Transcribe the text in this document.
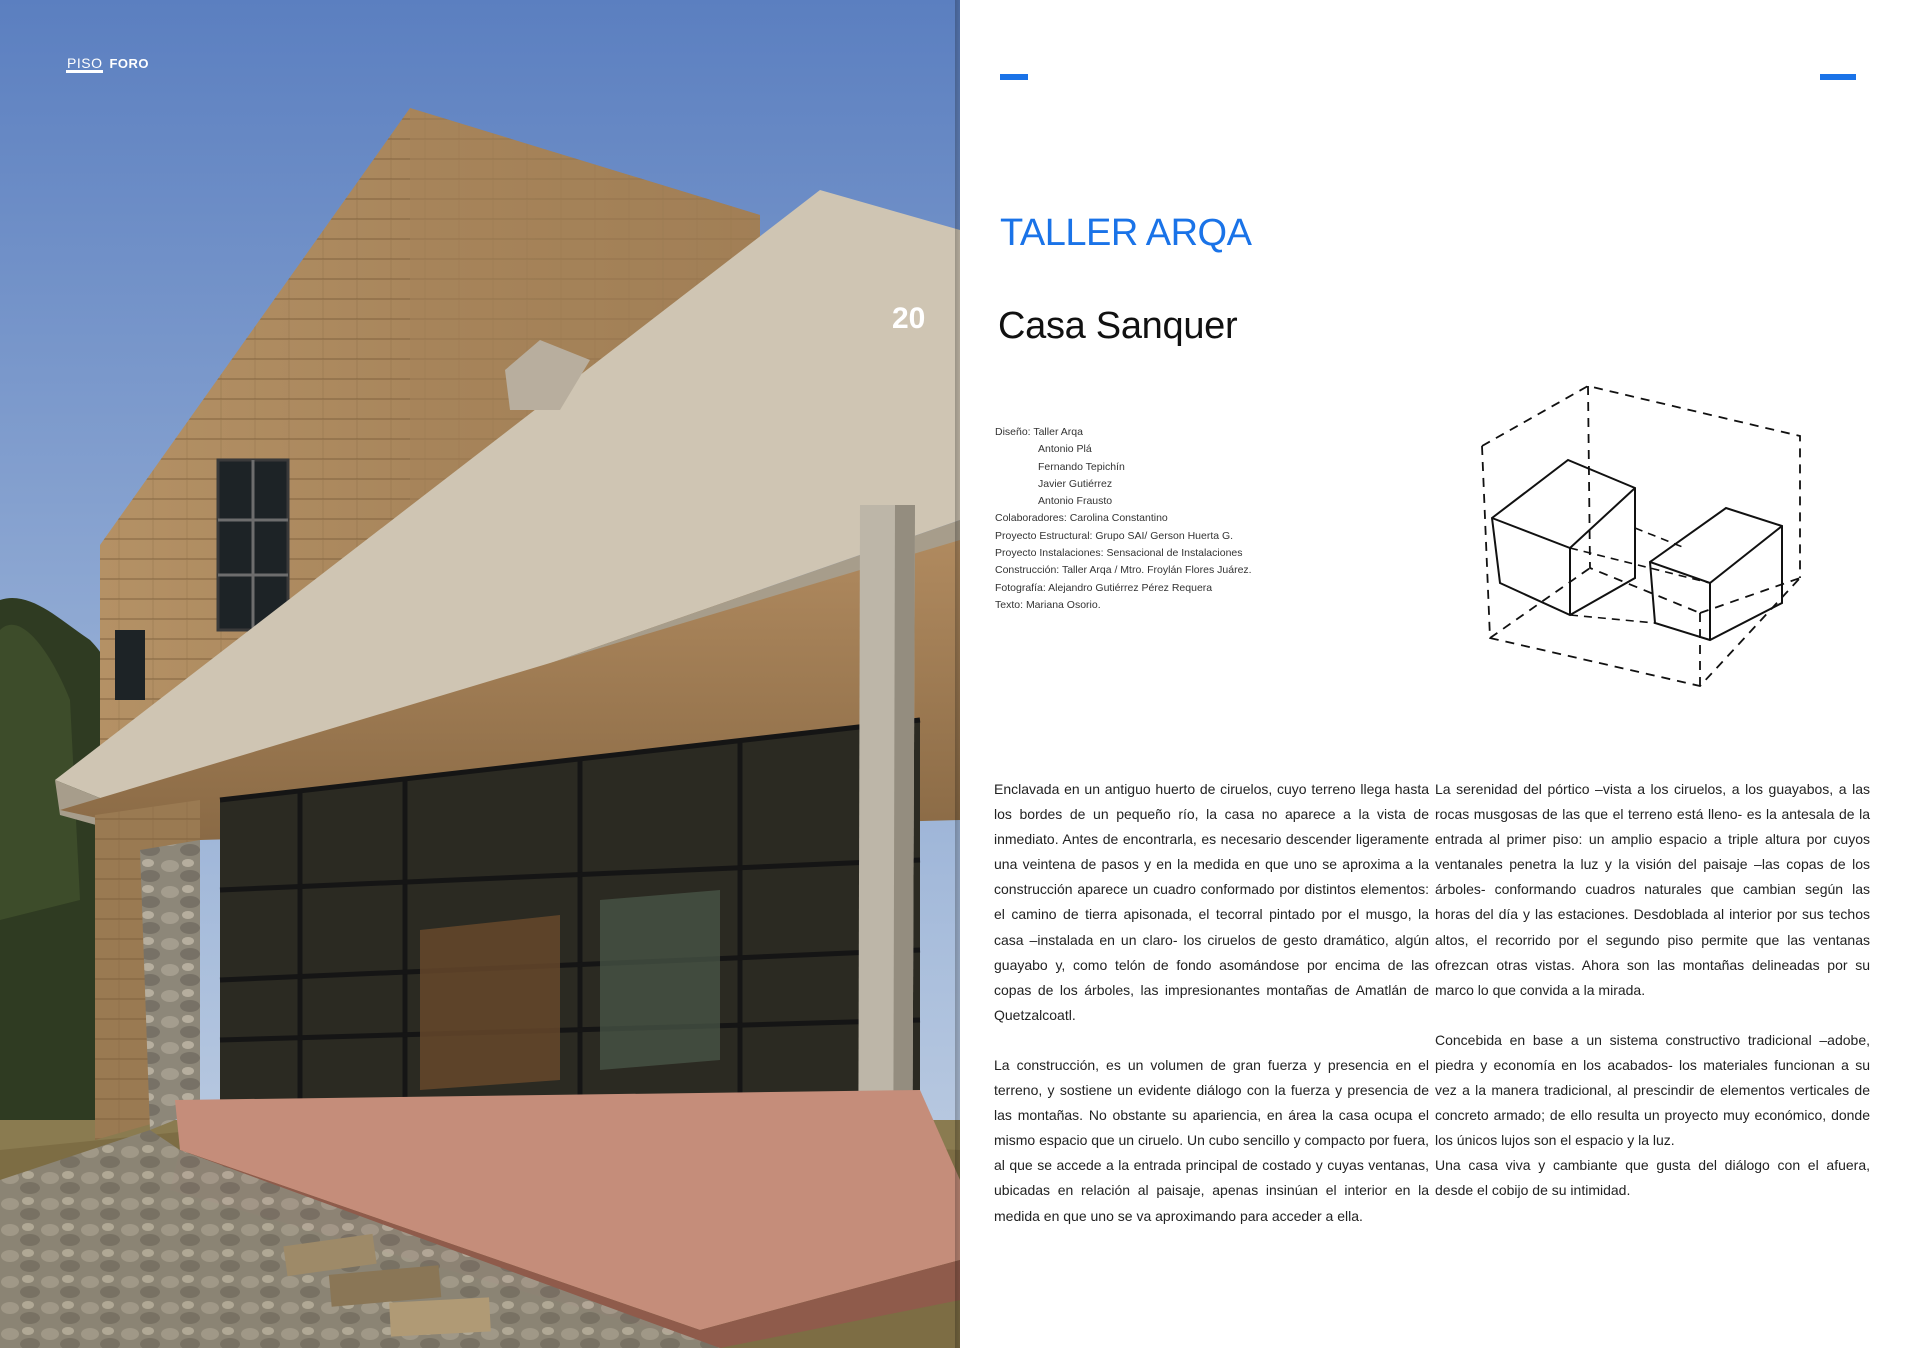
PISO FORO
20
TALLER ARQA
Casa Sanquer
Diseño: Taller Arqa
Antonio Plá
Fernando Tepichín
Javier Gutiérrez
Antonio Frausto
Colaboradores: Carolina Constantino
Proyecto Estructural: Grupo SAI/ Gerson Huerta G.
Proyecto Instalaciones: Sensacional de Instalaciones
Construcción: Taller Arqa / Mtro. Froylán Flores Juárez.
Fotografía: Alejandro Gutiérrez Pérez Requera
Texto: Mariana Osorio.

Enclavada en un antiguo huerto de ciruelos, cuyo terreno llega hasta los bordes de un pequeño río, la casa no aparece a la vista de inmediato. Antes de encontrarla, es necesario descender ligeramente una veintena de pasos y en la medida en que uno se aproxima a la construcción aparece un cuadro conformado por distintos elementos: el camino de tierra apisonada, el tecorral pintado por el musgo, la casa –instalada en un claro- los ciruelos de gesto dramático, algún guayabo y, como telón de fondo asomándose por encima de las copas de los árboles, las impresionantes montañas de Amatlán de Quetzalcoatl.

La construcción, es un volumen de gran fuerza y presencia en el terreno, y sostiene un evidente diálogo con la fuerza y presencia de las montañas. No obstante su apariencia, en área la casa ocupa el mismo espacio que un ciruelo. Un cubo sencillo y compacto por fuera, al que se accede a la entrada principal de costado y cuyas ventanas, ubicadas en relación al paisaje, apenas insinúan el interior en la medida en que uno se va aproximando para acceder a ella.

La serenidad del pórtico –vista a los ciruelos, a los guayabos, a las rocas musgosas de las que el terreno está lleno- es la antesala de la entrada al primer piso: un amplio espacio a triple altura por cuyos ventanales penetra la luz y la visión del paisaje –las copas de los árboles- conformando cuadros naturales que cambian según las horas del día y las estaciones. Desdoblada al interior por sus techos altos, el recorrido por el segundo piso permite que las ventanas ofrezcan otras vistas. Ahora son las montañas delineadas por su marco lo que convida a la mirada.

Concebida en base a un sistema constructivo tradicional –adobe, piedra y economía en los acabados- los materiales funcionan a su vez a la manera tradicional, al prescindir de elementos verticales de concreto armado; de ello resulta un proyecto muy económico, donde los únicos lujos son el espacio y la luz.

Una casa viva y cambiante que gusta del diálogo con el afuera, desde el cobijo de su intimidad.
